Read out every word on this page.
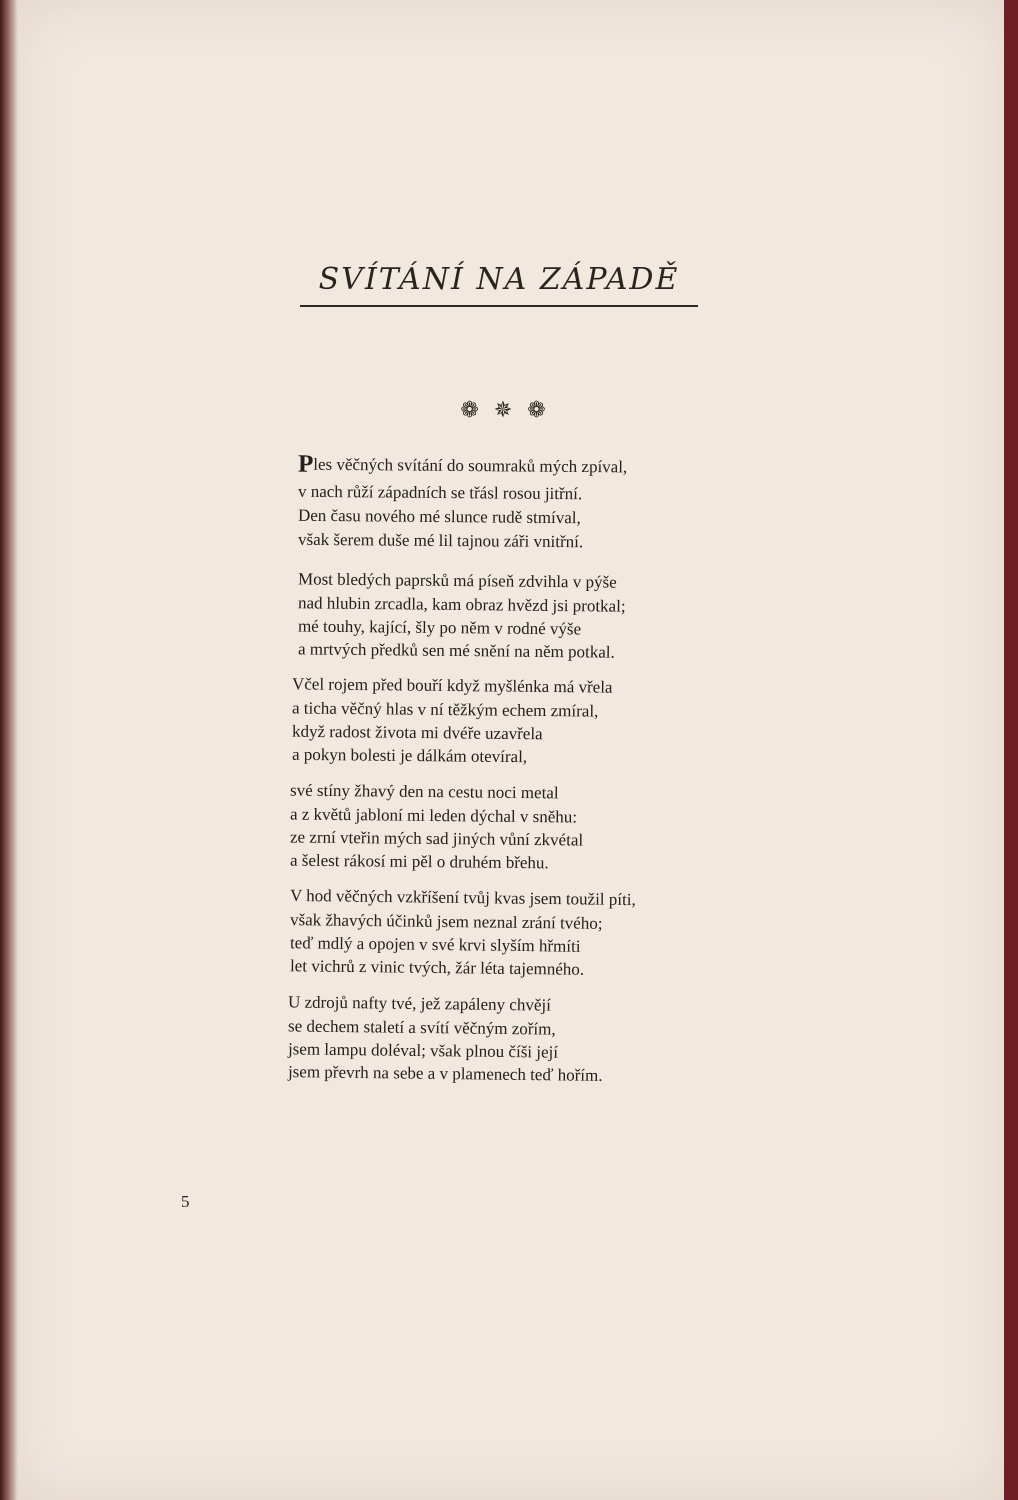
SVÍTÁNÍ NA ZÁPADĚ
❁ ✵ ❁
Ples věčných svítání do soumraků mých zpíval,
v nach růží západních se třásl rosou jitřní.
Den času nového mé slunce rudě stmíval,
však šerem duše mé lil tajnou záři vnitřní.
Most bledých paprsků má píseň zdvihla v pýše
nad hlubin zrcadla, kam obraz hvězd jsi protkal;
mé touhy, kající, šly po něm v rodné výše
a mrtvých předků sen mé snění na něm potkal.
Včel rojem před bouří když myšlénka má vřela
a ticha věčný hlas v ní těžkým echem zmíral,
když radost života mi dvéře uzavřela
a pokyn bolesti je dálkám otevíral,
své stíny žhavý den na cestu noci metal
a z květů jabloní mi leden dýchal v sněhu:
ze zrní vteřin mých sad jiných vůní zkvétal
a šelest rákosí mi pěl o druhém břehu.
V hod věčných vzkříšení tvůj kvas jsem toužil píti,
však žhavých účinků jsem neznal zrání tvého;
teď mdlý a opojen v své krvi slyším hřmíti
let vichrů z vinic tvých, žár léta tajemného.
U zdrojů nafty tvé, jež zapáleny chvějí
se dechem staletí a svítí věčným zořím,
jsem lampu doléval; však plnou číši její
jsem převrh na sebe a v plamenech teď hořím.
5
